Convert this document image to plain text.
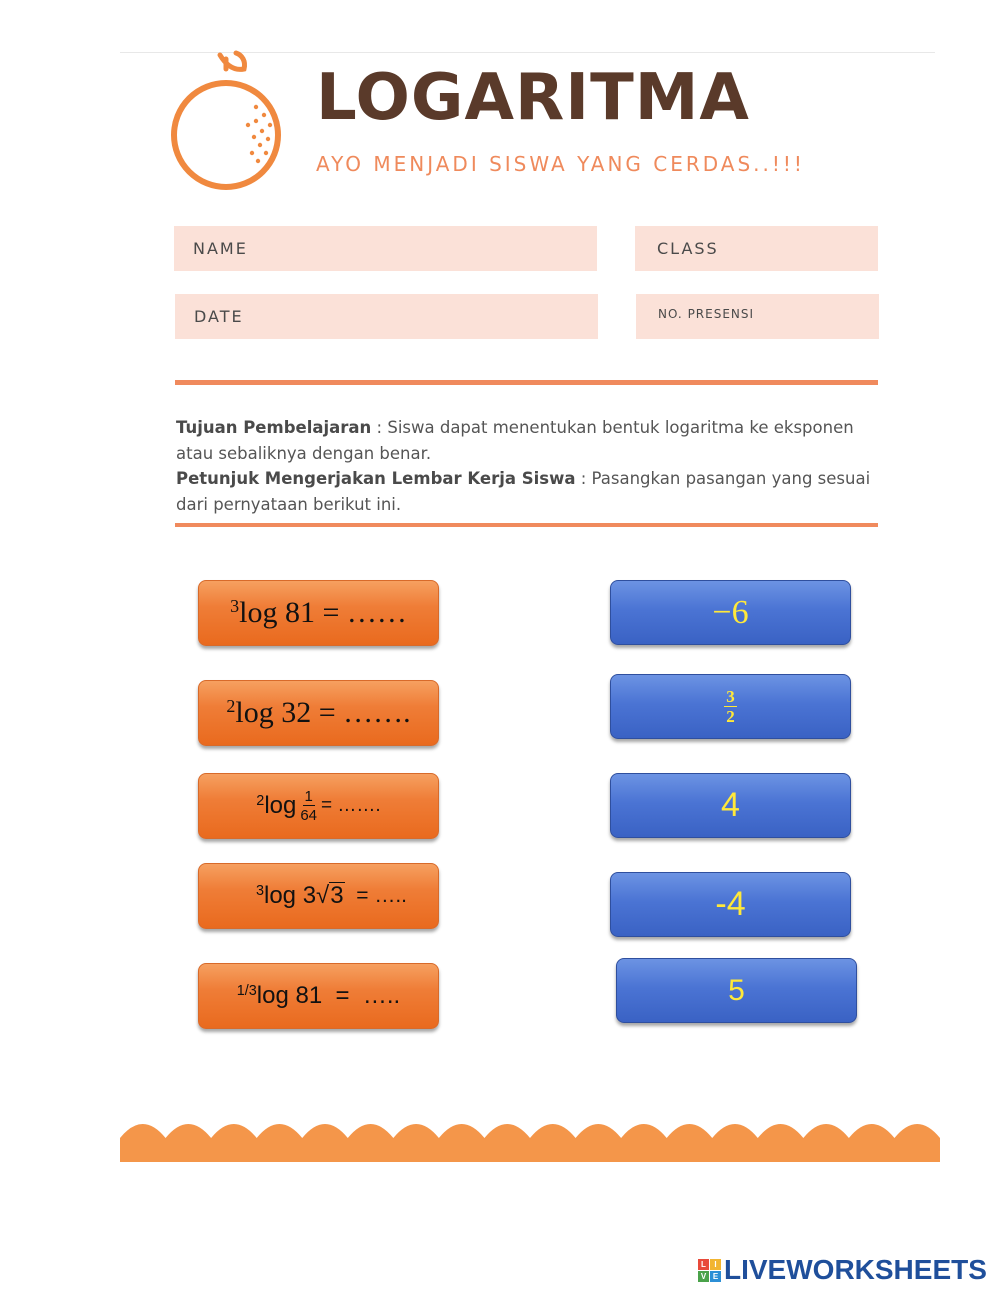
LOGARITMA
AYO MENJADI SISWA YANG CERDAS..!!!
NAME	CLASS
DATE	NO. PRESENSI

Tujuan Pembelajaran : Siswa dapat menentukan bentuk logaritma ke eksponen atau sebaliknya dengan benar.

Petunjuk Mengerjakan Lembar Kerja Siswa : Pasangkan pasangan yang sesuai dari pernyataan berikut ini.

$^3$ log 81 = ……
$^2$ log 32 = …….
$^2$ $\log \frac{1}{64}$ = …….
$^3$ log 3 √ 3 = …..
$^{1/3}$ log 81  =  …..
−6
$\frac{3}{2}$
4
-4
5
L	I
V E LIVEWORKSHEETS
